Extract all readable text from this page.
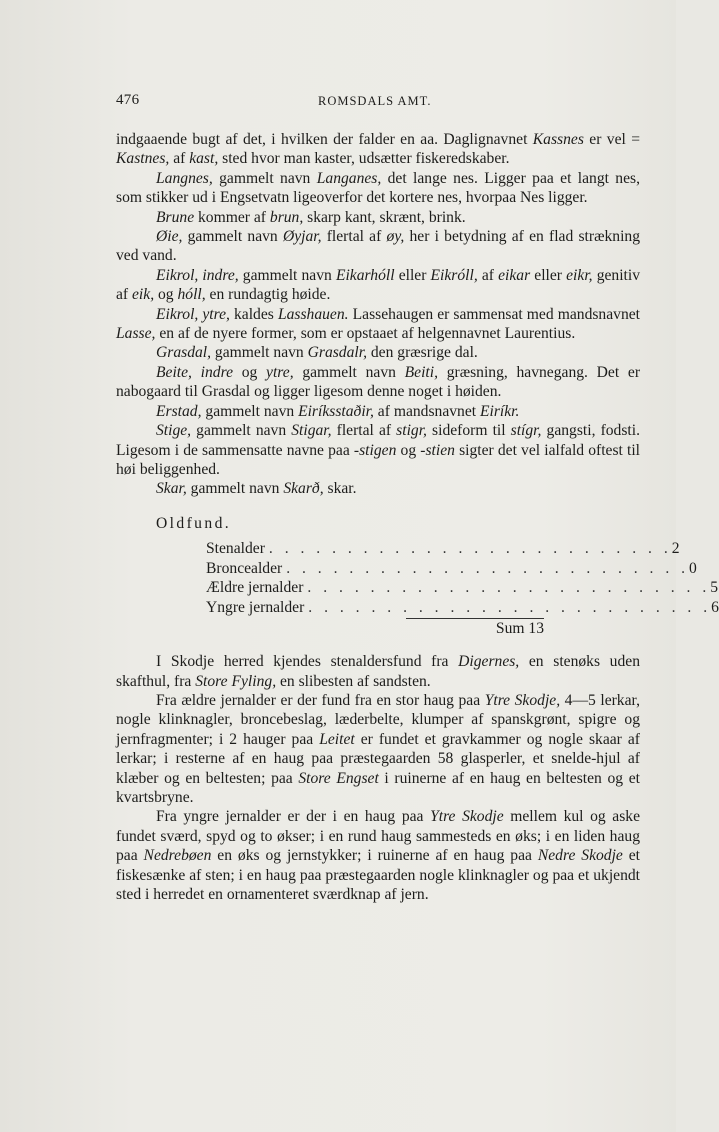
476	ROMSDALS AMT.

indgaaende bugt af det, i hvilken der falder en aa. Daglignavnet Kassnes er vel = Kastnes, af kast, sted hvor man kaster, udsætter fiskeredskaber.

Langnes, gammelt navn Langanes, det lange nes. Ligger paa et langt nes, som stikker ud i Engsetvatn ligeoverfor det kortere nes, hvorpaa Nes ligger.

Brune kommer af brun, skarp kant, skrænt, brink.

Øie, gammelt navn Øyjar, flertal af øy, her i betydning af en flad strækning ved vand.

Eikrol, indre, gammelt navn Eikarhóll eller Eikróll, af eikar eller eikr, genitiv af eik, og hóll, en rundagtig høide.

Eikrol, ytre, kaldes Lasshauen. Lassehaugen er sammensat med mandsnavnet Lasse, en af de nyere former, som er opstaaet af helgennavnet Laurentius.

Grasdal, gammelt navn Grasdalr, den græsrige dal.

Beite, indre og ytre, gammelt navn Beiti, græsning, havnegang. Det er nabogaard til Grasdal og ligger ligesom denne noget i høiden.

Erstad, gammelt navn Eiríksstaðir, af mandsnavnet Eiríkr.

Stige, gammelt navn Stigar, flertal af stigr, sideform til stígr, gangsti, fodsti. Ligesom i de sammensatte navne paa -stigen og -stien sigter det vel ialfald oftest til høi beliggenhed.

Skar, gammelt navn Skarð, skar.

Oldfund.
Stenalder . . . . . . . . . . . . . . . . . . . . . . . . . . 2
Broncealder . . . . . . . . . . . . . . . . . . . . . . . . . . 0
Ældre jernalder . . . . . . . . . . . . . . . . . . . . . . . . . . 5
Yngre jernalder . . . . . . . . . . . . . . . . . . . . . . . . . . 6
Sum 13

I Skodje herred kjendes stenaldersfund fra Digernes, en stenøks uden skafthul, fra Store Fyling, en slibesten af sandsten.

Fra ældre jernalder er der fund fra en stor haug paa Ytre Skodje, 4—5 lerkar, nogle klinknagler, broncebeslag, læderbelte, klumper af spanskgrønt, spigre og jernfragmenter; i 2 hauger paa Leitet er fundet et gravkammer og nogle skaar af lerkar; i resterne af en haug paa præstegaarden 58 glasperler, et snelde-hjul af klæber og en beltesten; paa Store Engset i ruinerne af en haug en beltesten og et kvartsbryne.

Fra yngre jernalder er der i en haug paa Ytre Skodje mellem kul og aske fundet sværd, spyd og to økser; i en rund haug sammesteds en øks; i en liden haug paa Nedrebøen en øks og jernstykker; i ruinerne af en haug paa Nedre Skodje et fiskesænke af sten; i en haug paa præstegaarden nogle klinknagler og paa et ukjendt sted i herredet en ornamenteret sværdknap af jern.
